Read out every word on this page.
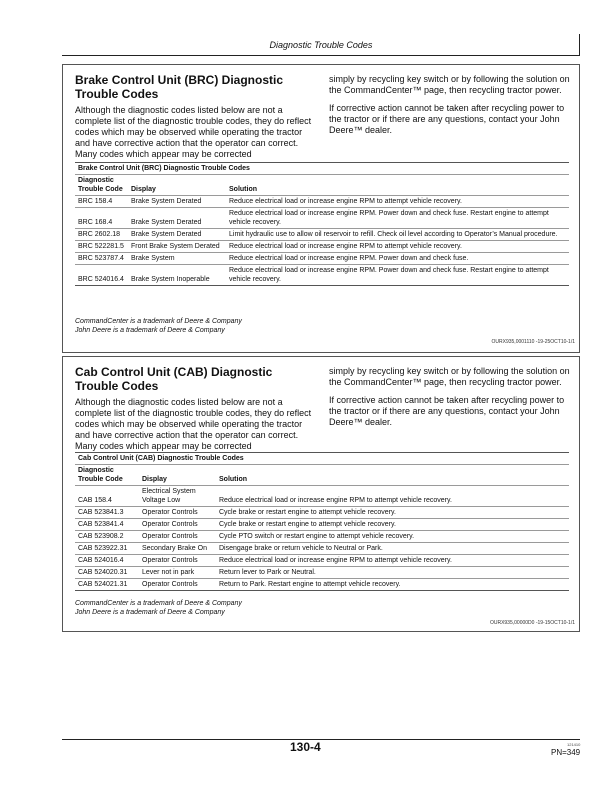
Diagnostic Trouble Codes
Brake Control Unit (BRC) Diagnostic Trouble Codes

Although the diagnostic codes listed below are not a complete list of the diagnostic trouble codes, they do reflect codes which may be observed while operating the tractor and have corrective action that the operator can correct. Many codes which appear may be corrected

simply by recycling key switch or by following the solution on the CommandCenter™ page, then recycling tractor power.

If corrective action cannot be taken after recycling power to the tractor or if there are any questions, contact your John Deere™ dealer.

Brake Control Unit (BRC) Diagnostic Trouble Codes		
Diagnostic Trouble Code	Display	Solution
BRC 158.4	Brake System Derated	Reduce electrical load or increase engine RPM to attempt vehicle recovery.
BRC 168.4	Brake System Derated	Reduce electrical load or increase engine RPM. Power down and check fuse. Restart engine to attempt vehicle recovery.
BRC 2602.18	Brake System Derated	Limit hydraulic use to allow oil reservoir to refill. Check oil level according to Operator’s Manual procedure.
BRC 522281.5	Front Brake System Derated	Reduce electrical load or increase engine RPM to attempt vehicle recovery.
BRC 523787.4	Brake System	Reduce electrical load or increase engine RPM. Power down and check fuse.
BRC 524016.4	Brake System Inoperable	Reduce electrical load or increase engine RPM. Power down and check fuse. Restart engine to attempt vehicle recovery.
CommandCenter is a trademark of Deere & Company
John Deere is a trademark of Deere & Company
OURX935,0001110 -19-25OCT10-1/1
Cab Control Unit (CAB) Diagnostic Trouble Codes

Although the diagnostic codes listed below are not a complete list of the diagnostic trouble codes, they do reflect codes which may be observed while operating the tractor and have corrective action that the operator can correct. Many codes which appear may be corrected

simply by recycling key switch or by following the solution on the CommandCenter™ page, then recycling tractor power.

If corrective action cannot be taken after recycling power to the tractor or if there are any questions, contact your John Deere™ dealer.

Cab Control Unit (CAB) Diagnostic Trouble Codes		
Diagnostic Trouble Code	Display	Solution
CAB 158.4	Electrical System Voltage Low	Reduce electrical load or increase engine RPM to attempt vehicle recovery.
CAB 523841.3	Operator Controls	Cycle brake or restart engine to attempt vehicle recovery.
CAB 523841.4	Operator Controls	Cycle brake or restart engine to attempt vehicle recovery.
CAB 523908.2	Operator Controls	Cycle PTO switch or restart engine to attempt vehicle recovery.
CAB 523922.31	Secondary Brake On	Disengage brake or return vehicle to Neutral or Park.
CAB 524016.4	Operator Controls	Reduce electrical load or increase engine RPM to attempt vehicle recovery.
CAB 524020.31	Lever not in park	Return lever to Park or Neutral.
CAB 524021.31	Operator Controls	Return to Park. Restart engine to attempt vehicle recovery.
CommandCenter is a trademark of Deere & Company
John Deere is a trademark of Deere & Company
OURX935,00000D0 -19-15OCT10-1/1
130-4	121410
PN=349
